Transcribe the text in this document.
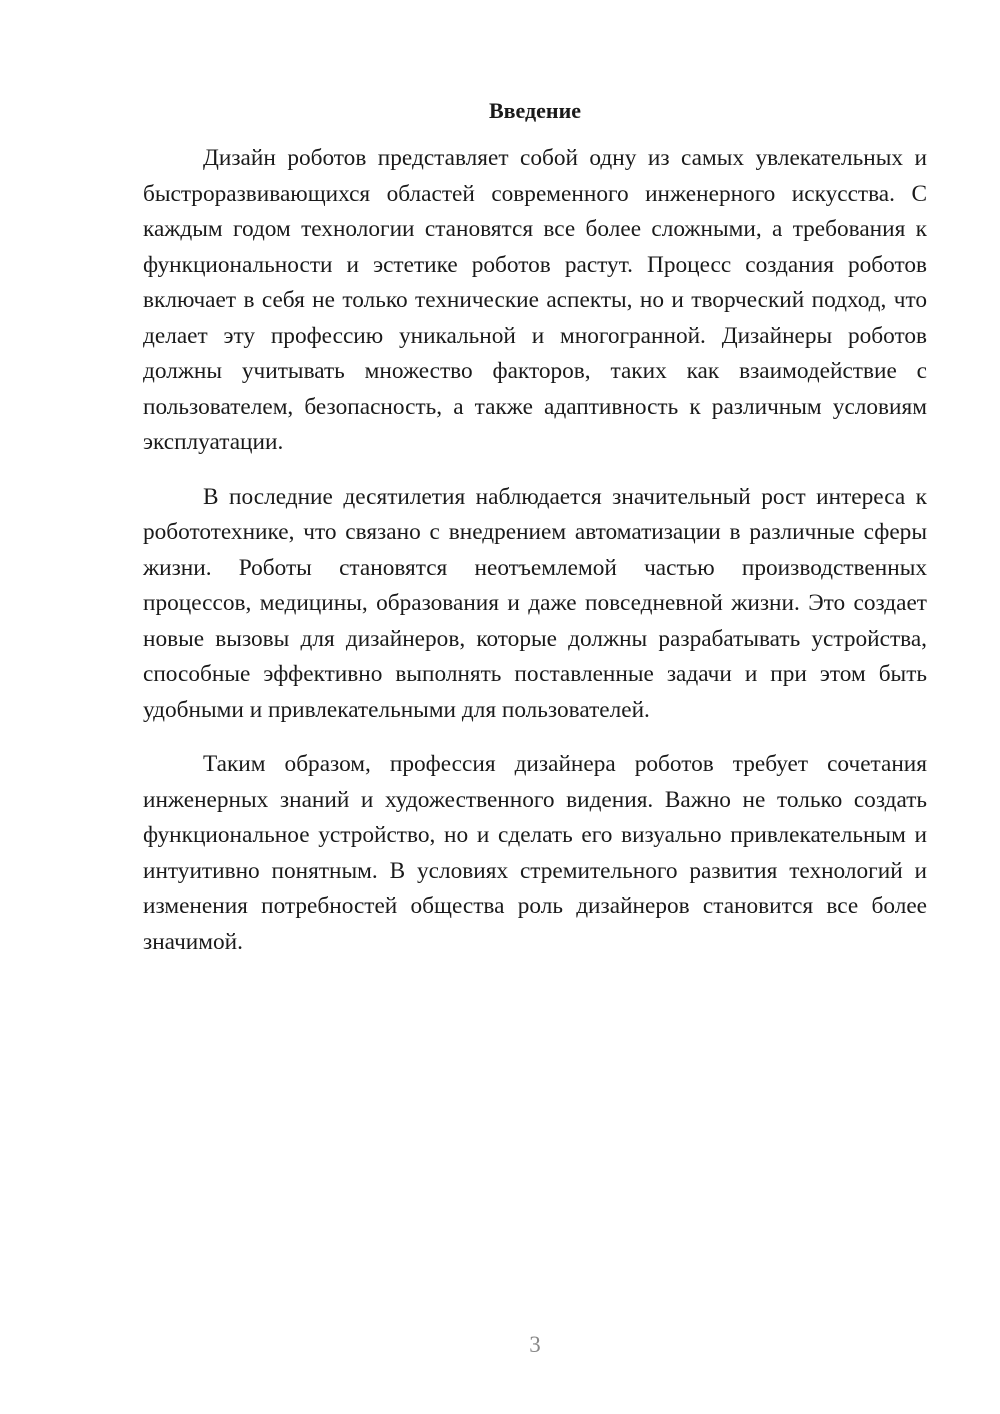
Введение

Дизайн роботов представляет собой одну из самых увлекательных и быстроразвивающихся областей современного инженерного искусства. С каждым годом технологии становятся все более сложными, а требования к функциональности и эстетике роботов растут. Процесс создания роботов включает в себя не только технические аспекты, но и творческий подход, что делает эту профессию уникальной и многогранной. Дизайнеры роботов должны учитывать множество факторов, таких как взаимодействие с пользователем, безопасность, а также адаптивность к различным условиям эксплуатации.

В последние десятилетия наблюдается значительный рост интереса к робототехнике, что связано с внедрением автоматизации в различные сферы жизни. Роботы становятся неотъемлемой частью производственных процессов, медицины, образования и даже повседневной жизни. Это создает новые вызовы для дизайнеров, которые должны разрабатывать устройства, способные эффективно выполнять поставленные задачи и при этом быть удобными и привлекательными для пользователей.

Таким образом, профессия дизайнера роботов требует сочетания инженерных знаний и художественного видения. Важно не только создать функциональное устройство, но и сделать его визуально привлекательным и интуитивно понятным. В условиях стремительного развития технологий и изменения потребностей общества роль дизайнеров становится все более значимой.

3
